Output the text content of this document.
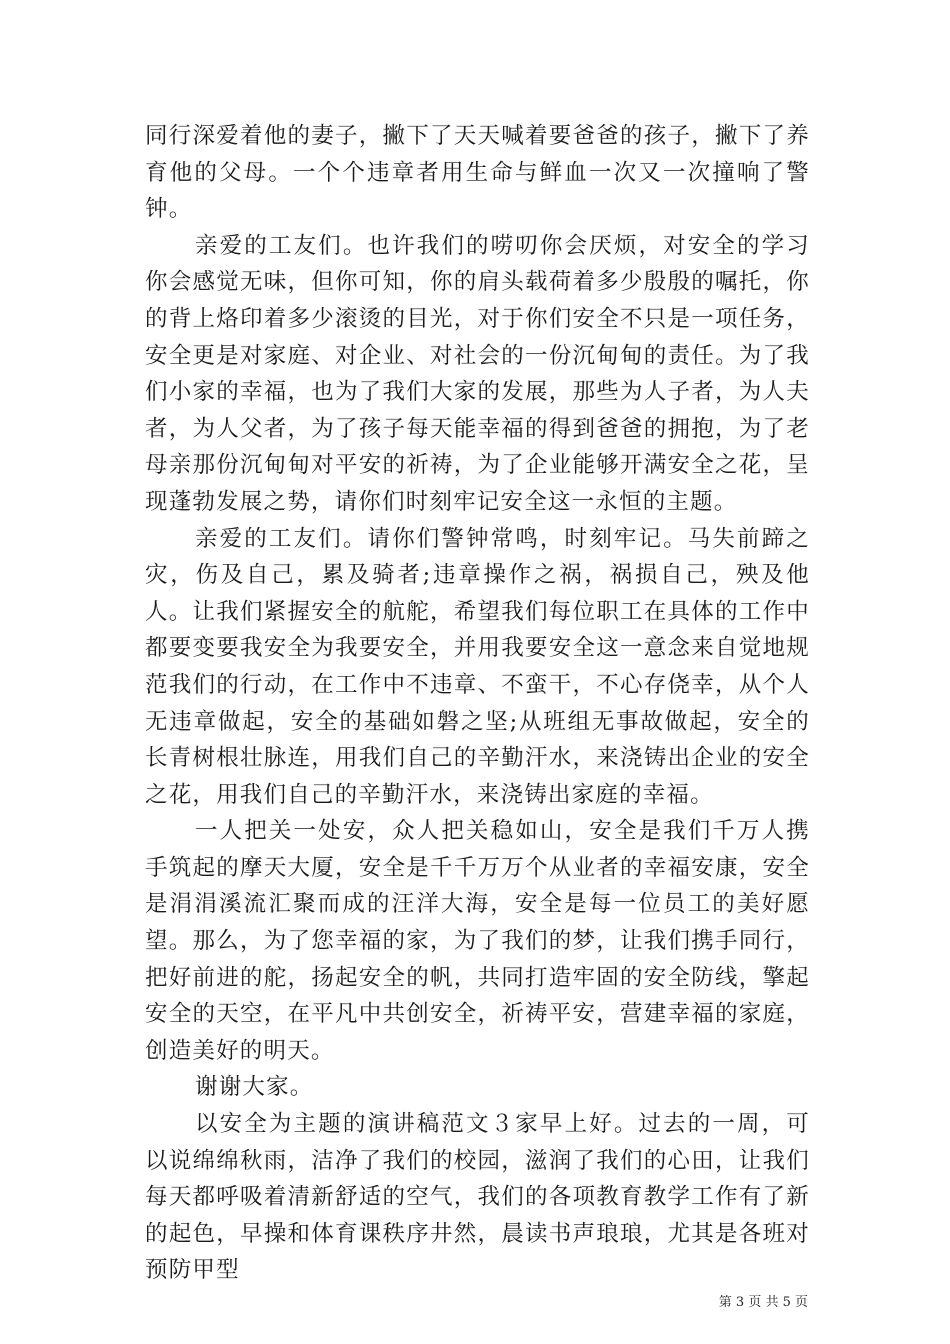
同行深爱着他的妻子，撇下了天天喊着要爸爸的孩子，撇下了养育他的父母。一个个违章者用生命与鲜血一次又一次撞响了警钟。

亲爱的工友们。也许我们的唠叨你会厌烦，对安全的学习你会感觉无味，但你可知，你的肩头载荷着多少殷殷的嘱托，你的背上烙印着多少滚烫的目光，对于你们安全不只是一项任务，安全更是对家庭、对企业、对社会的一份沉甸甸的责任。为了我们小家的幸福，也为了我们大家的发展，那些为人子者，为人夫者，为人父者，为了孩子每天能幸福的得到爸爸的拥抱，为了老母亲那份沉甸甸对平安的祈祷，为了企业能够开满安全之花，呈现蓬勃发展之势，请你们时刻牢记安全这一永恒的主题。

亲爱的工友们。请你们警钟常鸣，时刻牢记。马失前蹄之灾，伤及自己，累及骑者;违章操作之祸，祸损自己，殃及他人。让我们紧握安全的航舵，希望我们每位职工在具体的工作中都要变要我安全为我要安全，并用我要安全这一意念来自觉地规范我们的行动，在工作中不违章、不蛮干，不心存侥幸，从个人无违章做起，安全的基础如磐之坚;从班组无事故做起，安全的长青树根壮脉连，用我们自己的辛勤汗水，来浇铸出企业的安全之花，用我们自己的辛勤汗水，来浇铸出家庭的幸福。

一人把关一处安，众人把关稳如山，安全是我们千万人携手筑起的摩天大厦，安全是千千万万个从业者的幸福安康，安全是涓涓溪流汇聚而成的汪洋大海，安全是每一位员工的美好愿望。那么，为了您幸福的家，为了我们的梦，让我们携手同行，把好前进的舵，扬起安全的帆，共同打造牢固的安全防线，擎起安全的天空，在平凡中共创安全，祈祷平安，营建幸福的家庭，创造美好的明天。

谢谢大家。

以安全为主题的演讲稿范文３家早上好。过去的一周，可以说绵绵秋雨，洁净了我们的校园，滋润了我们的心田，让我们每天都呼吸着清新舒适的空气，我们的各项教育教学工作有了新的起色，早操和体育课秩序井然，晨读书声琅琅，尤其是各班对预防甲型

第 3 页 共 5 页
